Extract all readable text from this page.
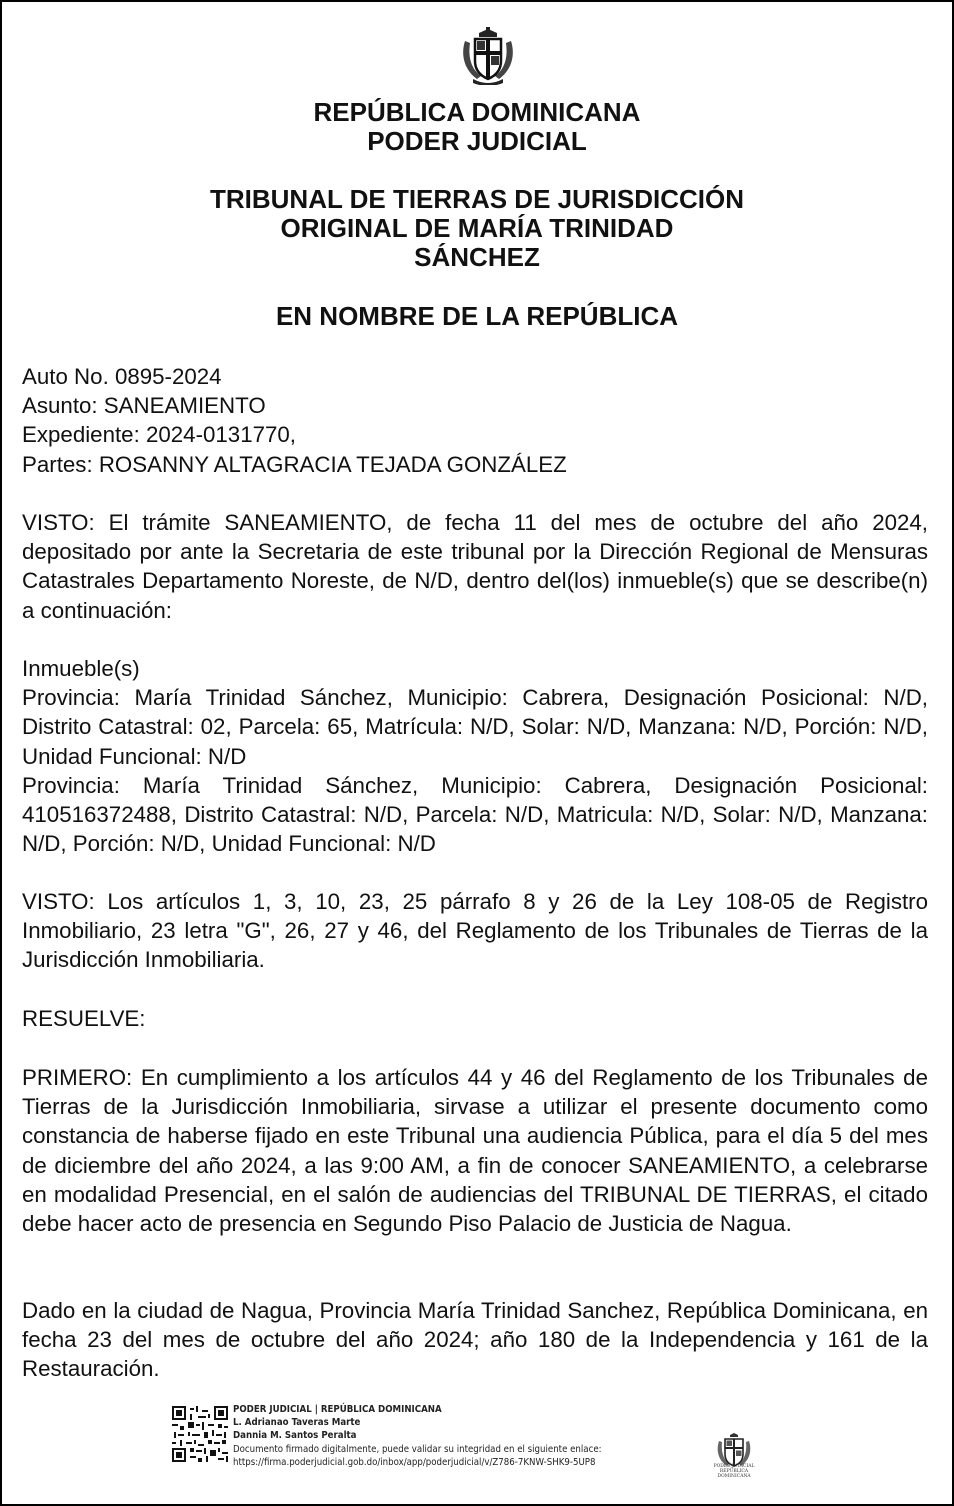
REPÚBLICA DOMINICANA
PODER JUDICIAL
TRIBUNAL DE TIERRAS DE JURISDICCIÓN
ORIGINAL DE MARÍA TRINIDAD
SÁNCHEZ
EN NOMBRE DE LA REPÚBLICA

Auto No. 0895-2024

Asunto: SANEAMIENTO

Expediente: 2024-0131770,

Partes: ROSANNY ALTAGRACIA TEJADA GONZÁLEZ

VISTO: El trámite SANEAMIENTO, de fecha 11 del mes de octubre del año 2024, depositado por ante la Secretaria de este tribunal por la Dirección Regional de Mensuras Catastrales Departamento Noreste, de N/D, dentro del(los) inmueble(s) que se describe(n) a continuación:

Inmueble(s)

Provincia: María Trinidad Sánchez, Municipio: Cabrera, Designación Posicional: N/D, Distrito Catastral: 02, Parcela: 65, Matrícula: N/D, Solar: N/D, Manzana: N/D, Porción: N/D, Unidad Funcional: N/D

Provincia: María Trinidad Sánchez, Municipio: Cabrera, Designación Posicional: 410516372488, Distrito Catastral: N/D, Parcela: N/D, Matricula: N/D, Solar: N/D, Manzana: N/D, Porción: N/D, Unidad Funcional: N/D

VISTO: Los artículos 1, 3, 10, 23, 25 párrafo 8 y 26 de la Ley 108-05 de Registro Inmobiliario, 23 letra "G", 26, 27 y 46, del Reglamento de los Tribunales de Tierras de la Jurisdicción Inmobiliaria.

RESUELVE:

PRIMERO: En cumplimiento a los artículos 44 y 46 del Reglamento de los Tribunales de Tierras de la Jurisdicción Inmobiliaria, sirvase a utilizar el presente documento como constancia de haberse fijado en este Tribunal una audiencia Pública, para el día 5 del mes de diciembre del año 2024, a las 9:00 AM, a fin de conocer SANEAMIENTO, a celebrarse en modalidad Presencial, en el salón de audiencias del TRIBUNAL DE TIERRAS, el citado debe hacer acto de presencia en Segundo Piso Palacio de Justicia de Nagua.

Dado en la ciudad de Nagua, Provincia María Trinidad Sanchez, República Dominicana, en fecha 23 del mes de octubre del año 2024; año 180 de la Independencia y 161 de la Restauración.

PODER JUDICIAL | REPÚBLICA DOMINICANA
L. Adrianao Taveras Marte
Dannia M. Santos Peralta
Documento firmado digitalmente, puede validar su integridad en el siguiente enlace:
https://firma.poderjudicial.gob.do/inbox/app/poderjudicial/v/Z786-7KNW-SHK9-5UP8	PODER JUDICIAL REPÚBLICA DOMINICANA
